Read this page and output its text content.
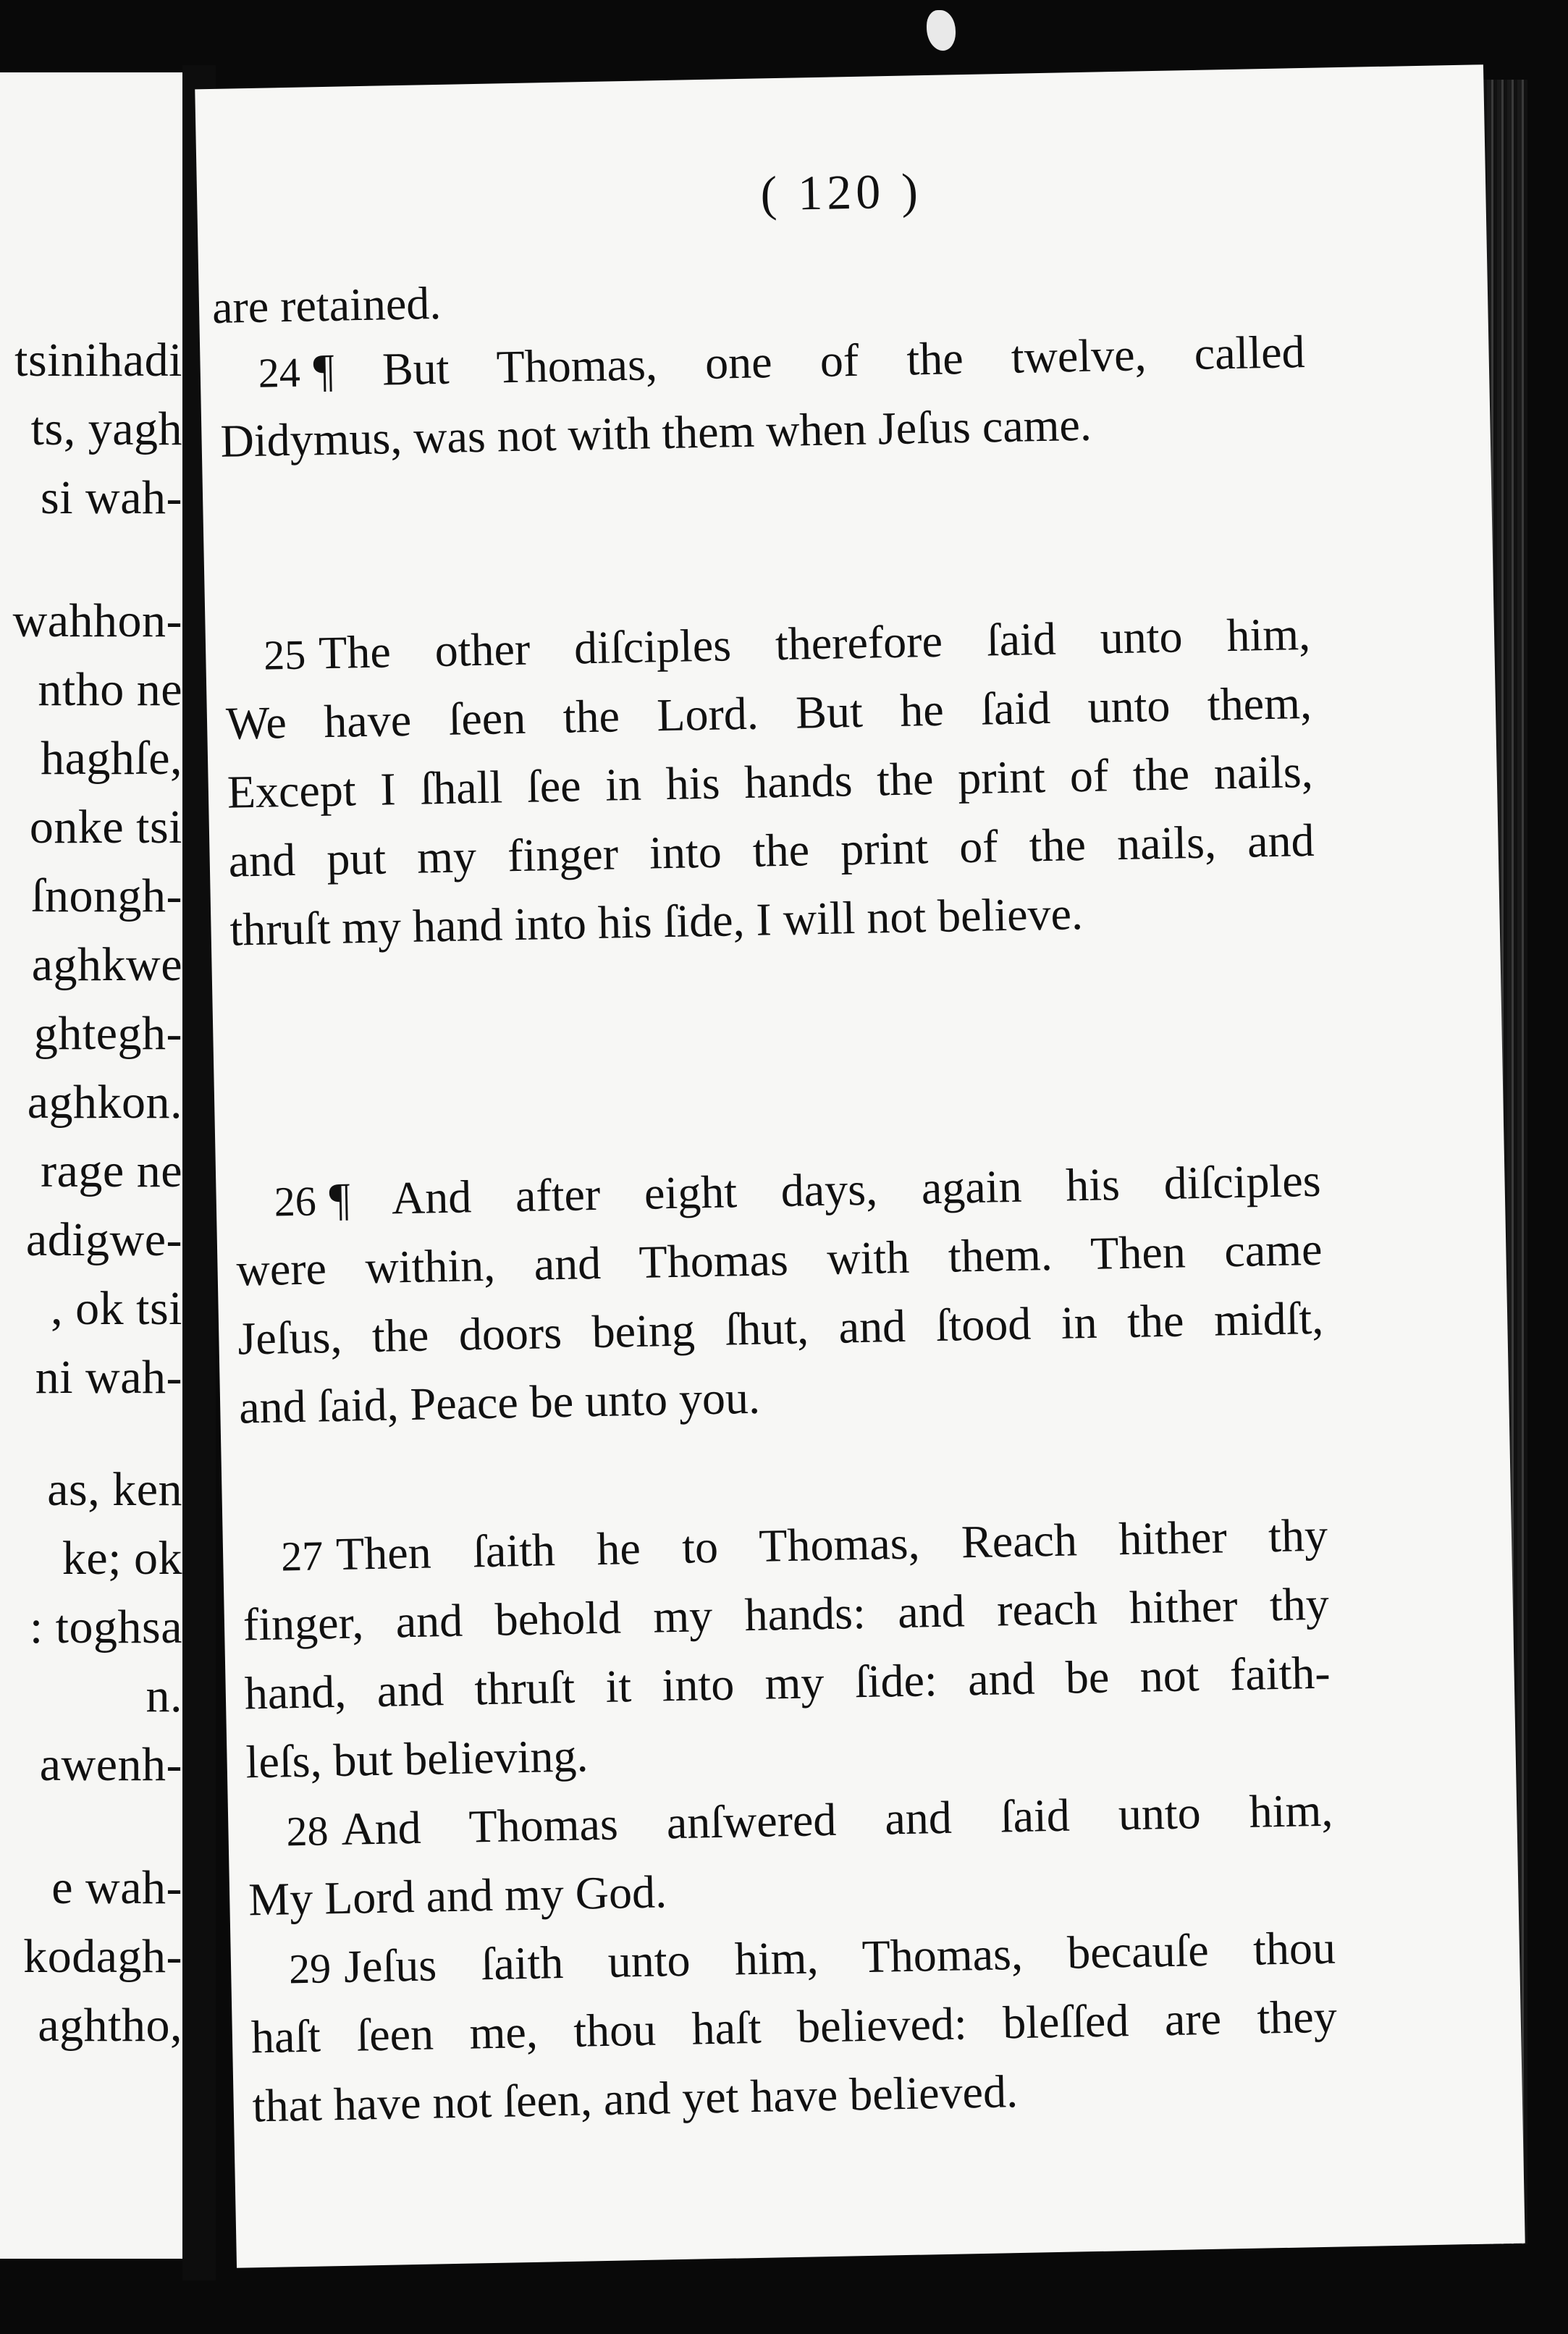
tsinihadi
ts, yagh
si wah-
wahhon-
ntho ne
haghſe,
onke tsi
ſnongh-
aghkwe
ghtegh-
aghkon.
rage ne
adigwe-
, ok tsi
ni wah-
as, ken
ke; ok
: toghsa
n.
awenh-
e wah-
kodagh-
aghtho,
( 120 )
are retained.
24 ¶ But Thomas, one of the twelve, called
Didymus, was not with them when Jeſus came.
25 The other diſciples therefore ſaid unto him,
We have ſeen the Lord. But he ſaid unto them,
Except I ſhall ſee in his hands the print of the nails,
and put my finger into the print of the nails, and
thruſt my hand into his ſide, I will not believe.
26 ¶ And after eight days, again his diſciples
were within, and Thomas with them. Then came
Jeſus, the doors being ſhut, and ſtood in the midſt,
and ſaid, Peace be unto you.
27 Then ſaith he to Thomas, Reach hither thy
finger, and behold my hands: and reach hither thy
hand, and thruſt it into my ſide: and be not faith-
leſs, but believing.
28 And Thomas anſwered and ſaid unto him,
My Lord and my God.
29 Jeſus ſaith unto him, Thomas, becauſe thou
haſt ſeen me, thou haſt believed: bleſſed are they
that have not ſeen, and yet have believed.
